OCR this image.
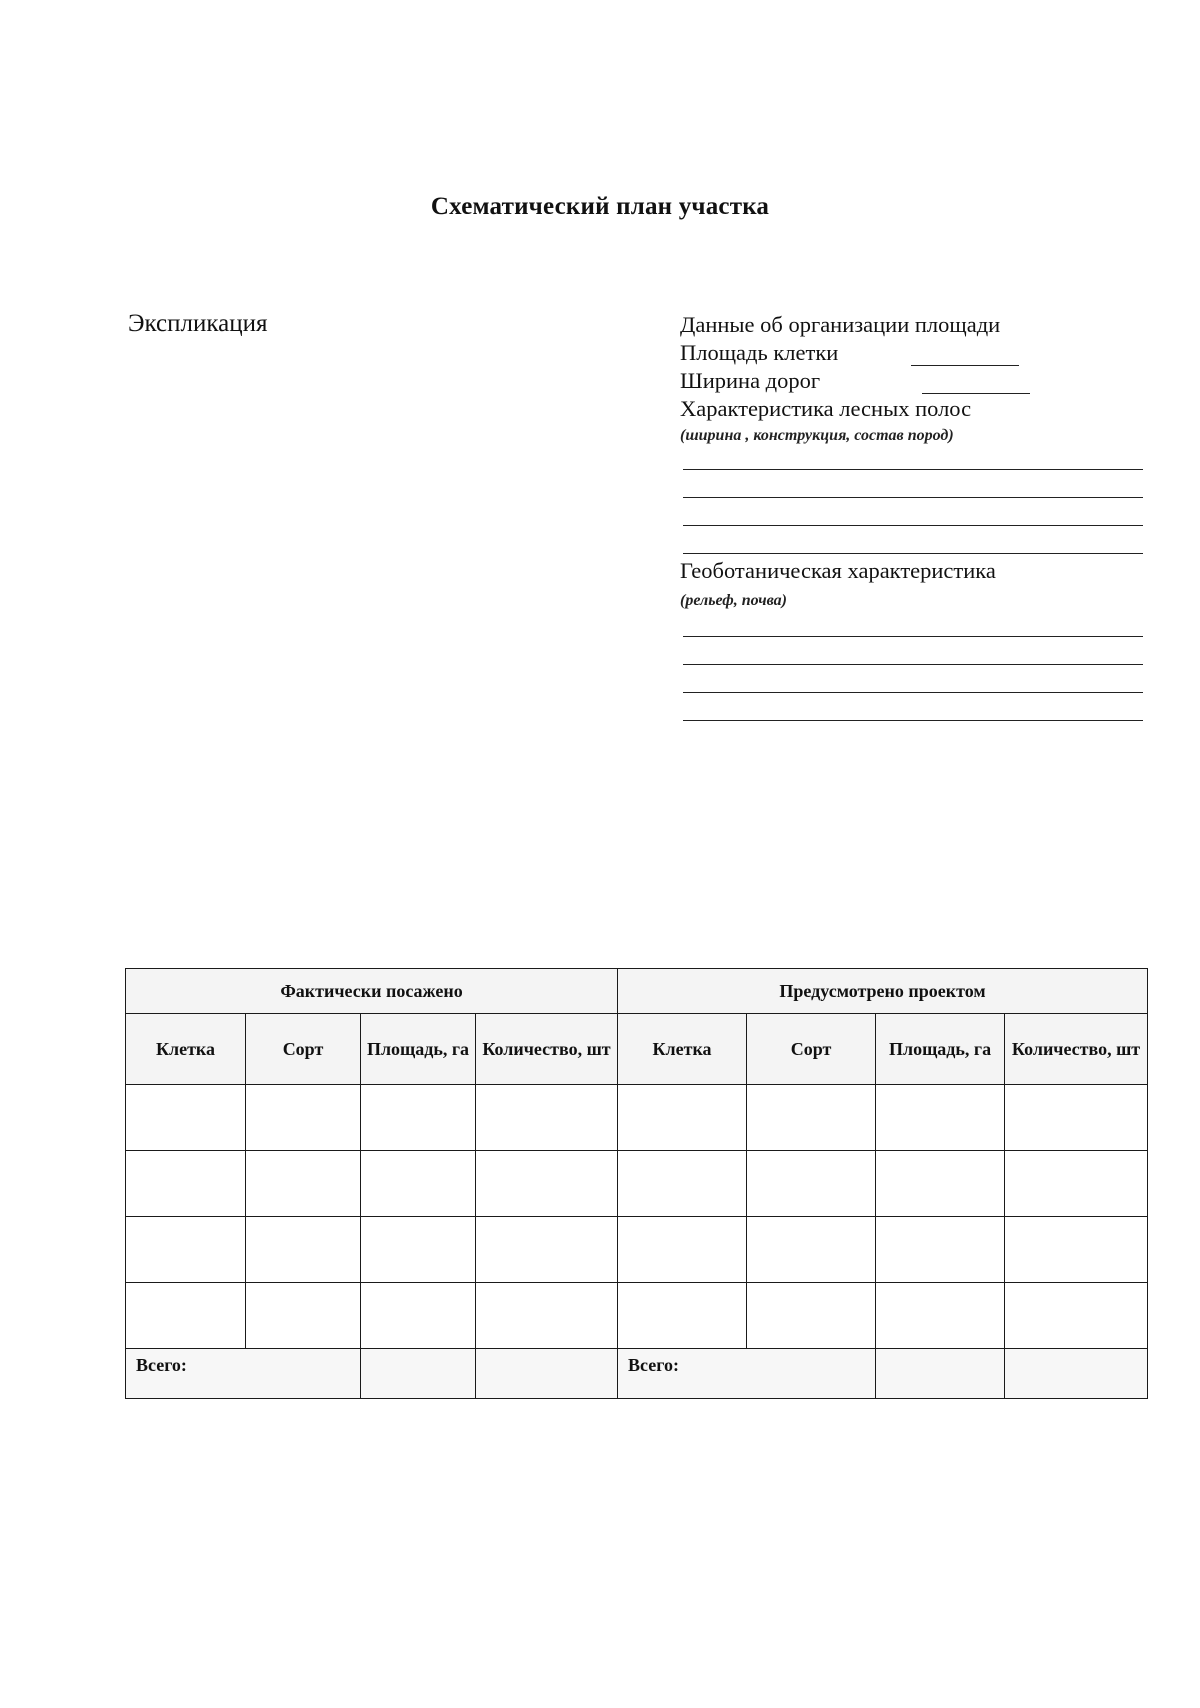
Схематический план участка
Экспликация	Данные об организации площади
Площадь клетки
Ширина дорог
Характеристика лесных полос
(ширина , конструкция, состав пород)
Геоботаническая характеристика
(рельеф, почва)
Фактически посажено				Предусмотрено проектом			
Клетка	Сорт	Площадь, га	Количество, шт	Клетка	Сорт	Площадь, га	Количество, шт

Всего:				Всего:			
